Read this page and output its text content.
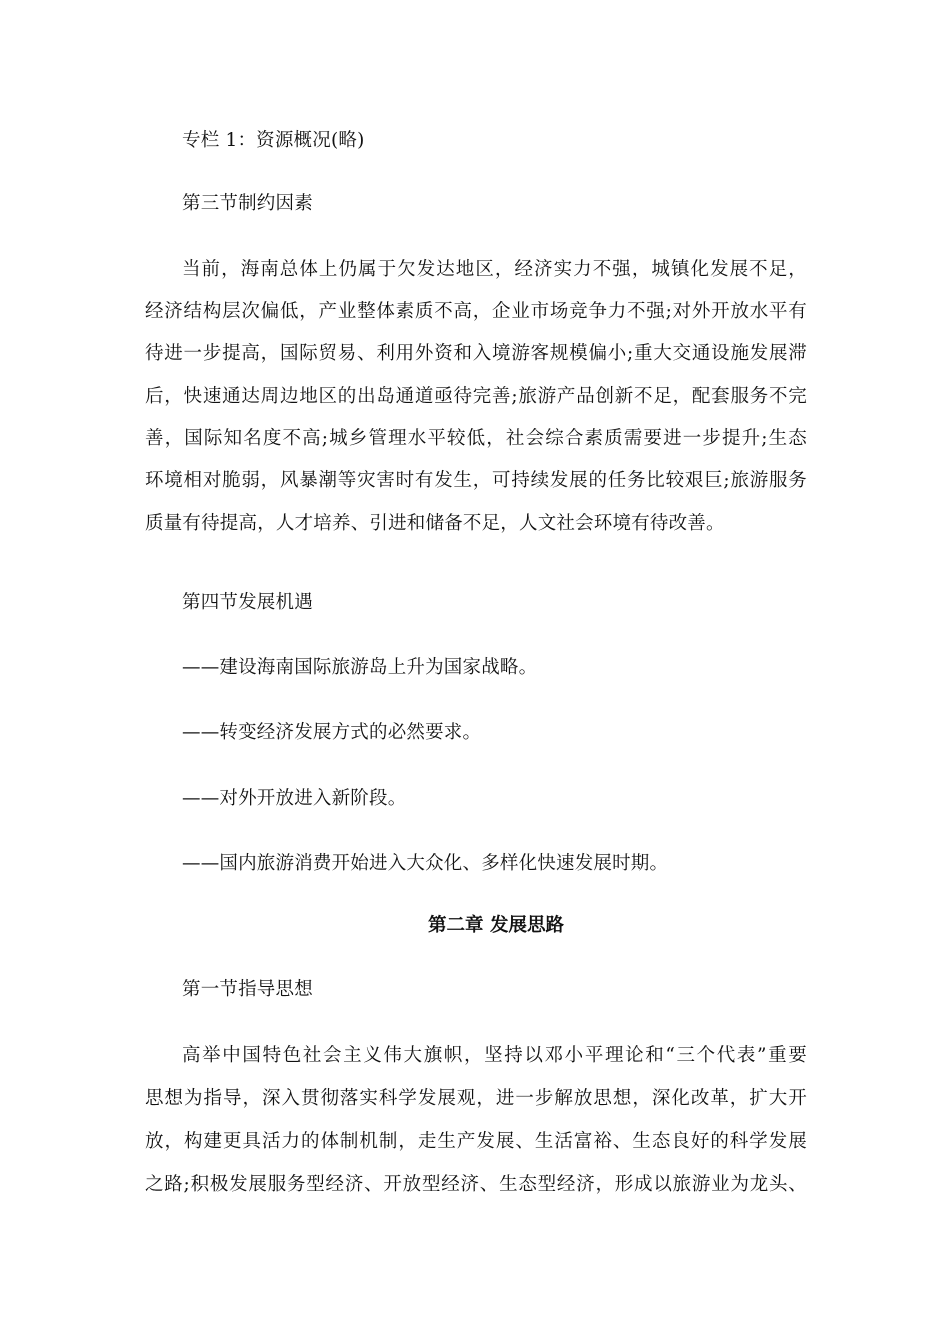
专栏 1：资源概况(略)
第三节制约因素
当前，海南总体上仍属于欠发达地区，经济实力不强，城镇化发展不足，
经济结构层次偏低，产业整体素质不高，企业市场竞争力不强;对外开放水平有
待进一步提高，国际贸易、利用外资和入境游客规模偏小;重大交通设施发展滞
后，快速通达周边地区的出岛通道亟待完善;旅游产品创新不足，配套服务不完
善，国际知名度不高;城乡管理水平较低，社会综合素质需要进一步提升;生态
环境相对脆弱，风暴潮等灾害时有发生，可持续发展的任务比较艰巨;旅游服务
质量有待提高，人才培养、引进和储备不足，人文社会环境有待改善。
第四节发展机遇
——建设海南国际旅游岛上升为国家战略。
——转变经济发展方式的必然要求。
——对外开放进入新阶段。
——国内旅游消费开始进入大众化、多样化快速发展时期。
第二章 发展思路
第一节指导思想
高举中国特色社会主义伟大旗帜，坚持以邓小平理论和“三个代表”重要
思想为指导，深入贯彻落实科学发展观，进一步解放思想，深化改革，扩大开
放，构建更具活力的体制机制，走生产发展、生活富裕、生态良好的科学发展
之路;积极发展服务型经济、开放型经济、生态型经济，形成以旅游业为龙头、
